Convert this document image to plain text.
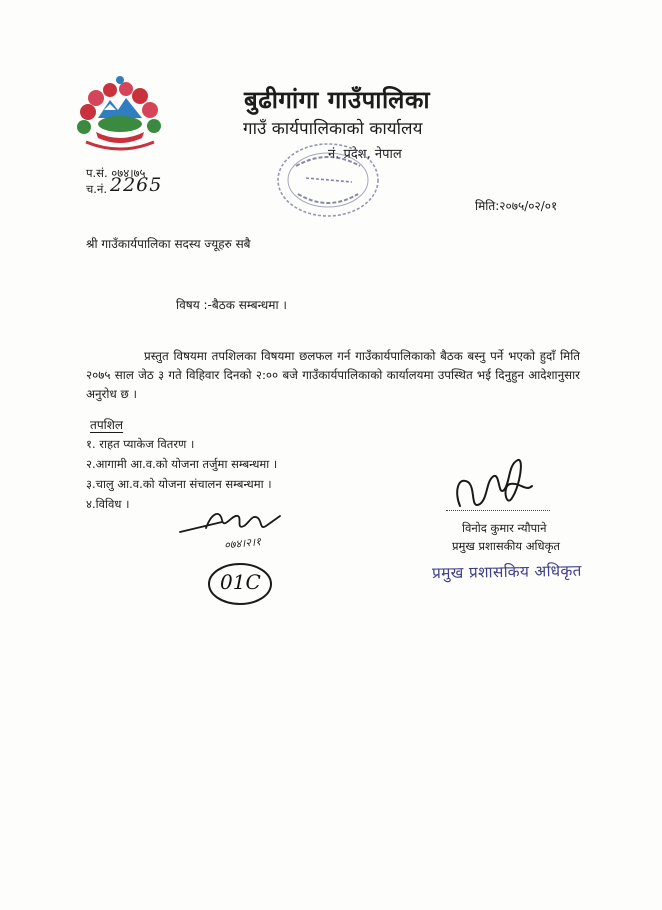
बुढीगांगा गाउँपालिका
गाउँ कार्यपालिकाको कार्यालय
नं. प्रदेश, नेपाल
प.सं. ०७४।७५
च.नं. 2265
मिति:२०७५/०२/०१
श्री गाउँकार्यपालिका सदस्य ज्यूहरु सबै
विषय :-बैठक सम्बन्धमा ।

प्रस्तुत विषयमा तपशिलका विषयमा छलफल गर्न गाउँकार्यपालिकाको बैठक बस्नु पर्ने भएको हुदाँ मिति २०७५ साल जेठ ३ गते विहिवार दिनको २:०० बजे गाउँकार्यपालिकाको कार्यालयमा उपस्थित भई दिनुहुन आदेशानुसार अनुरोध छ ।

तपशिल
१. राहत प्याकेज वितरण ।
२.आगामी आ.व.को योजना तर्जुमा सम्बन्धमा ।
३.चालु आ.व.को योजना संचालन सम्बन्धमा ।
४.विविध ।
विनोद कुमार न्यौपाने
प्रमुख प्रशासकीय अधिकृत
प्रमुख प्रशासकिय अधिकृत
०७४।२।१
01C
